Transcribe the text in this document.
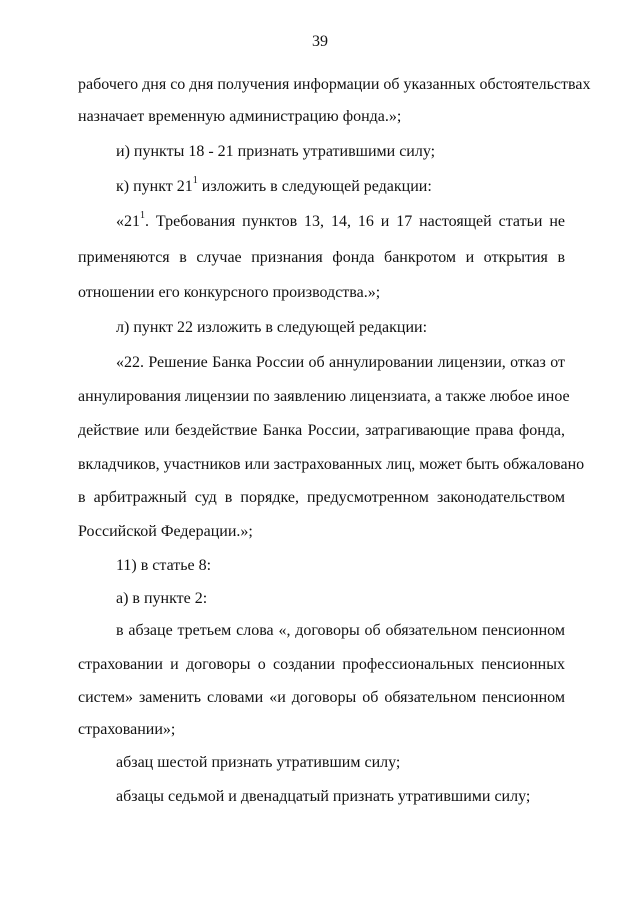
39
рабочего дня со дня получения информации об указанных обстоятельствах
назначает временную администрацию фонда.»;
и) пункты 18 - 21 признать утратившими силу;
к) пункт $21^1$ изложить в следующей редакции:
«$21^1$. Требования пунктов 13, 14, 16 и 17 настоящей статьи не
применяются в случае признания фонда банкротом и открытия в
отношении его конкурсного производства.»;
л) пункт 22 изложить в следующей редакции:
«22. Решение Банка России об аннулировании лицензии, отказ от
аннулирования лицензии по заявлению лицензиата, а также любое иное
действие или бездействие Банка России, затрагивающие права фонда,
вкладчиков, участников или застрахованных лиц, может быть обжаловано
в арбитражный суд в порядке, предусмотренном законодательством
Российской Федерации.»;
11) в статье 8:
а) в пункте 2:
в абзаце третьем слова «, договоры об обязательном пенсионном
страховании и договоры о создании профессиональных пенсионных
систем» заменить словами «и договоры об обязательном пенсионном
страховании»;
абзац шестой признать утратившим силу;
абзацы седьмой и двенадцатый признать утратившими силу;
